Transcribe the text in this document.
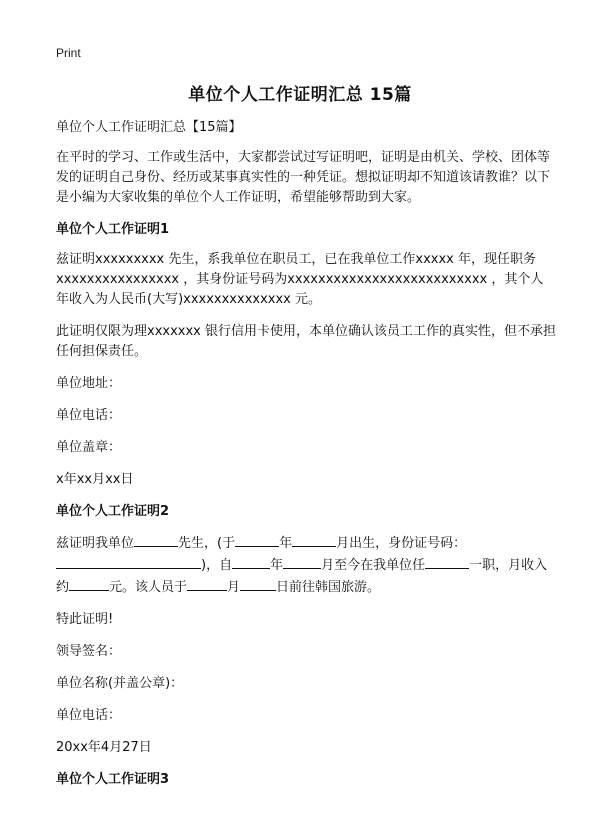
Print
单位个人工作证明汇总 15篇

单位个人工作证明汇总【15篇】

在平时的学习、工作或生活中，大家都尝试过写证明吧，证明是由机关、学校、团体等发的证明自己身份、经历或某事真实性的一种凭证。想拟证明却不知道该请教谁？以下是小编为大家收集的单位个人工作证明，希望能够帮助到大家。

单位个人工作证明1

兹证明xxxxxxxxx 先生，系我单位在职员工，已在我单位工作xxxxx 年，现任职务xxxxxxxxxxxxxxxx ，其身份证号码为xxxxxxxxxxxxxxxxxxxxxxxxxx ，其个人年收入为人民币(大写)xxxxxxxxxxxxxx 元。

此证明仅限为理xxxxxxx 银行信用卡使用，本单位确认该员工工作的真实性，但不承担任何担保责任。

单位地址：

单位电话：

单位盖章：

x年xx月xx日

单位个人工作证明2

兹证明我单位	先生，(于	年	月出生，身份证号码：)，自	年	月至今在我单位任	一职，月收入约	元。该人员于	月	日前往韩国旅游。

特此证明!

领导签名：

单位名称(并盖公章)：

单位电话：

20xx年4月27日

单位个人工作证明3
